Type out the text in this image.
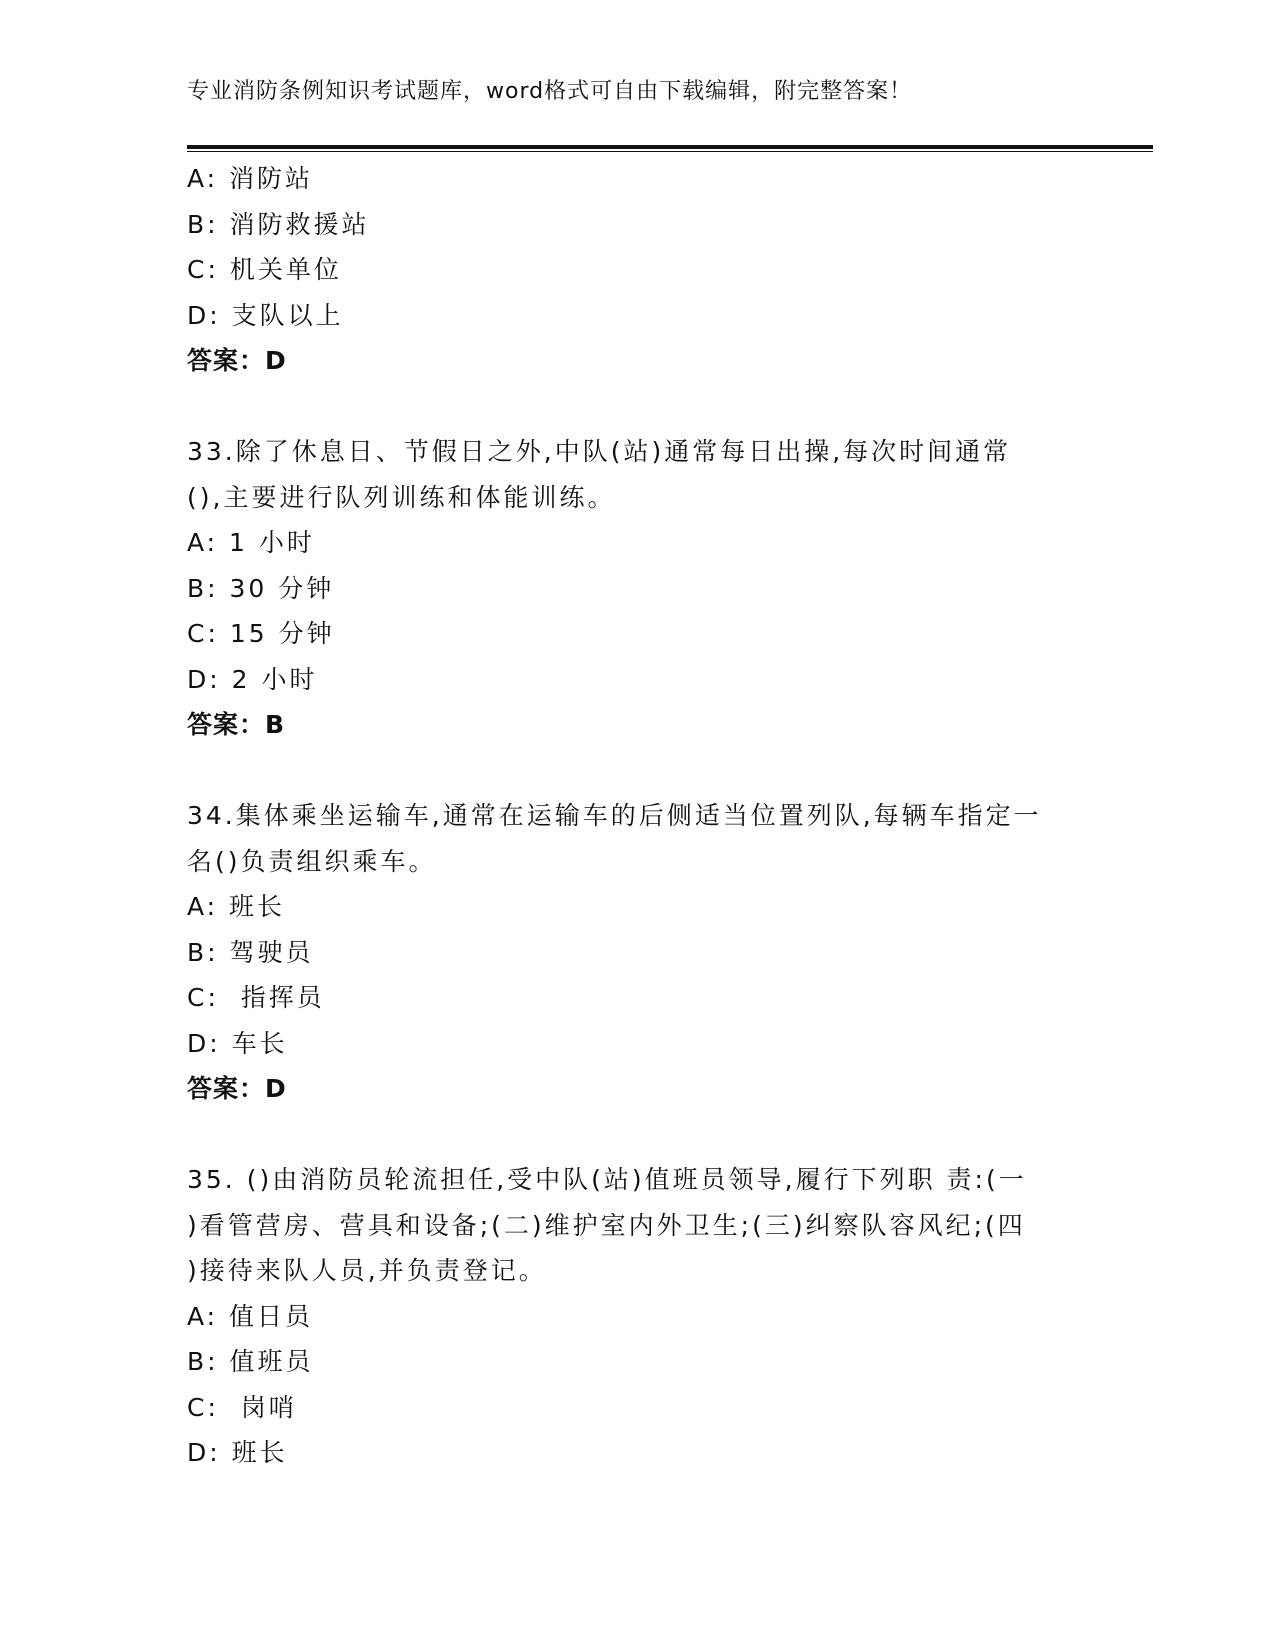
专业消防条例知识考试题库，word格式可自由下载编辑，附完整答案！
A: 消防站
B: 消防救援站
C: 机关单位
D: 支队以上
答案：D
33.除了休息日、节假日之外,中队(站)通常每日出操,每次时间通常
(),主要进行队列训练和体能训练。
A: 1 小时
B: 30 分钟
C: 15 分钟
D: 2 小时
答案：B
34.集体乘坐运输车,通常在运输车的后侧适当位置列队,每辆车指定一
名()负责组织乘车。
A: 班长
B: 驾驶员
C:  指挥员
D: 车长
答案：D
35. ()由消防员轮流担任,受中队(站)值班员领导,履行下列职 责:(一
)看管营房、营具和设备;(二)维护室内外卫生;(三)纠察队容风纪;(四
)接待来队人员,并负责登记。
A: 值日员
B: 值班员
C:  岗哨
D: 班长
